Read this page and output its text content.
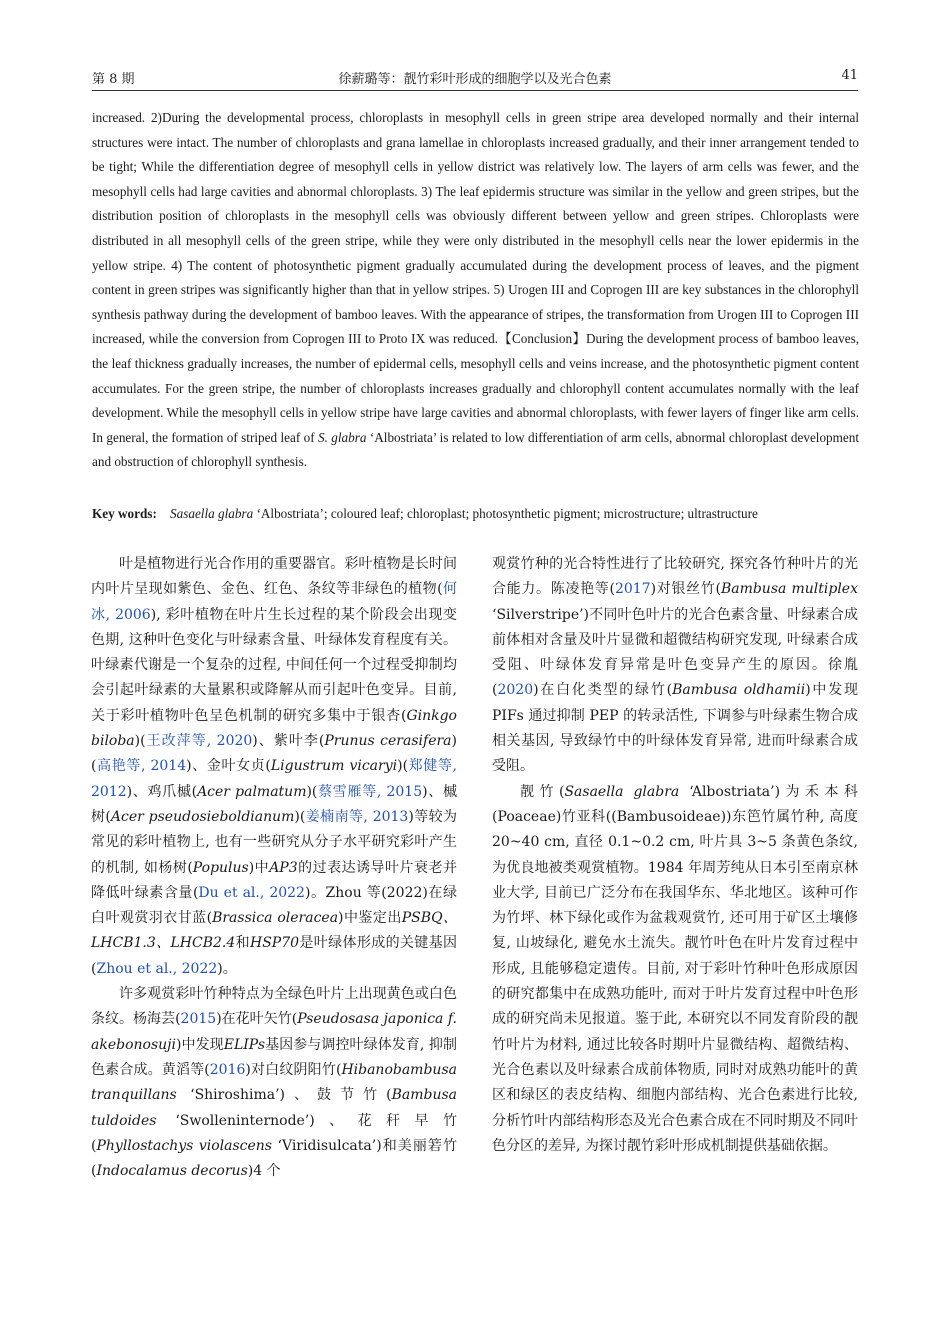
第 8 期	徐薪璐等：靓竹彩叶形成的细胞学以及光合色素	41

increased. 2)During the developmental process, chloroplasts in mesophyll cells in green stripe area developed normally and their internal structures were intact. The number of chloroplasts and grana lamellae in chloroplasts increased gradually, and their inner arrangement tended to be tight; While the differentiation degree of mesophyll cells in yellow district was relatively low. The layers of arm cells was fewer, and the mesophyll cells had large cavities and abnormal chloroplasts. 3) The leaf epidermis structure was similar in the yellow and green stripes, but the distribution position of chloroplasts in the mesophyll cells was obviously different between yellow and green stripes. Chloroplasts were distributed in all mesophyll cells of the green stripe, while they were only distributed in the mesophyll cells near the lower epidermis in the yellow stripe. 4) The content of photosynthetic pigment gradually accumulated during the development process of leaves, and the pigment content in green stripes was significantly higher than that in yellow stripes. 5) Urogen III and Coprogen III are key substances in the chlorophyll synthesis pathway during the development of bamboo leaves. With the appearance of stripes, the transformation from Urogen III to Coprogen III increased, while the conversion from Coprogen III to Proto IX was reduced.【Conclusion】During the development process of bamboo leaves, the leaf thickness gradually increases, the number of epidermal cells, mesophyll cells and veins increase, and the photosynthetic pigment content accumulates. For the green stripe, the number of chloroplasts increases gradually and chlorophyll content accumulates normally with the leaf development. While the mesophyll cells in yellow stripe have large cavities and abnormal chloroplasts, with fewer layers of finger like arm cells. In general, the formation of striped leaf of S. glabra ‘Albostriata’ is related to low differentiation of arm cells, abnormal chloroplast development and obstruction of chlorophyll synthesis.

Key words: Sasaella glabra ‘Albostriata’; coloured leaf; chloroplast; photosynthetic pigment; microstructure; ultrastructure

叶是植物进行光合作用的重要器官。彩叶植物是长时间内叶片呈现如紫色、金色、红色、条纹等非绿色的植物(何冰, 2006), 彩叶植物在叶片生长过程的某个阶段会出现变色期, 这种叶色变化与叶绿素含量、叶绿体发育程度有关。叶绿素代谢是一个复杂的过程, 中间任何一个过程受抑制均会引起叶绿素的大量累积或降解从而引起叶色变异。目前, 关于彩叶植物叶色呈色机制的研究多集中于银杏(Ginkgo biloba)(王改萍等, 2020)、紫叶李(Prunus cerasifera)(高艳等, 2014)、金叶女贞(Ligustrum vicaryi)(郑健等, 2012)、鸡爪槭(Acer palmatum)(蔡雪雁等, 2015)、槭树(Acer pseudosieboldianum)(姜楠南等, 2013)等较为常见的彩叶植物上, 也有一些研究从分子水平研究彩叶产生的机制, 如杨树(Populus)中AP3的过表达诱导叶片衰老并降低叶绿素含量(Du et al., 2022)。Zhou 等(2022)在绿白叶观赏羽衣甘蓝(Brassica oleracea)中鉴定出PSBQ、LHCB1.3、LHCB2.4和HSP70是叶绿体形成的关键基因(Zhou et al., 2022)。

许多观赏彩叶竹种特点为全绿色叶片上出现黄色或白色条纹。杨海芸(2015)在花叶矢竹(Pseudosasa japonica f. akebonosuji)中发现ELIPs基因参与调控叶绿体发育, 抑制色素合成。黄滔等(2016)对白纹阴阳竹(Hibanobambusa tranquillans ‘Shiroshima’)、鼓节竹(Bambusa tuldoides ‘Swolleninternode’)、花秆早竹(Phyllostachys violascens ‘Viridisulcata’)和美丽箬竹(Indocalamus decorus)4 个

观赏竹种的光合特性进行了比较研究, 探究各竹种叶片的光合能力。陈凌艳等(2017)对银丝竹(Bambusa multiplex ‘Silverstripe’)不同叶色叶片的光合色素含量、叶绿素合成前体相对含量及叶片显微和超微结构研究发现, 叶绿素合成受阻、叶绿体发育异常是叶色变异产生的原因。徐胤(2020)在白化类型的绿竹(Bambusa oldhamii)中发现 PIFs 通过抑制 PEP 的转录活性, 下调参与叶绿素生物合成相关基因, 导致绿竹中的叶绿体发育异常, 进而叶绿素合成受阻。

靓竹(Sasaella glabra ‘Albostriata’)为禾本科(Poaceae)竹亚科((Bambusoideae))东笆竹属竹种, 高度 20~40 cm, 直径 0.1~0.2 cm, 叶片具 3~5 条黄色条纹, 为优良地被类观赏植物。1984 年周芳纯从日本引至南京林业大学, 目前已广泛分布在我国华东、华北地区。该种可作为竹坪、林下绿化或作为盆栽观赏竹, 还可用于矿区土壤修复, 山坡绿化, 避免水土流失。靓竹叶色在叶片发育过程中形成, 且能够稳定遗传。目前, 对于彩叶竹种叶色形成原因的研究都集中在成熟功能叶, 而对于叶片发育过程中叶色形成的研究尚未见报道。鉴于此, 本研究以不同发育阶段的靓竹叶片为材料, 通过比较各时期叶片显微结构、超微结构、光合色素以及叶绿素合成前体物质, 同时对成熟功能叶的黄区和绿区的表皮结构、细胞内部结构、光合色素进行比较, 分析竹叶内部结构形态及光合色素合成在不同时期及不同叶色分区的差异, 为探讨靓竹彩叶形成机制提供基础依据。
